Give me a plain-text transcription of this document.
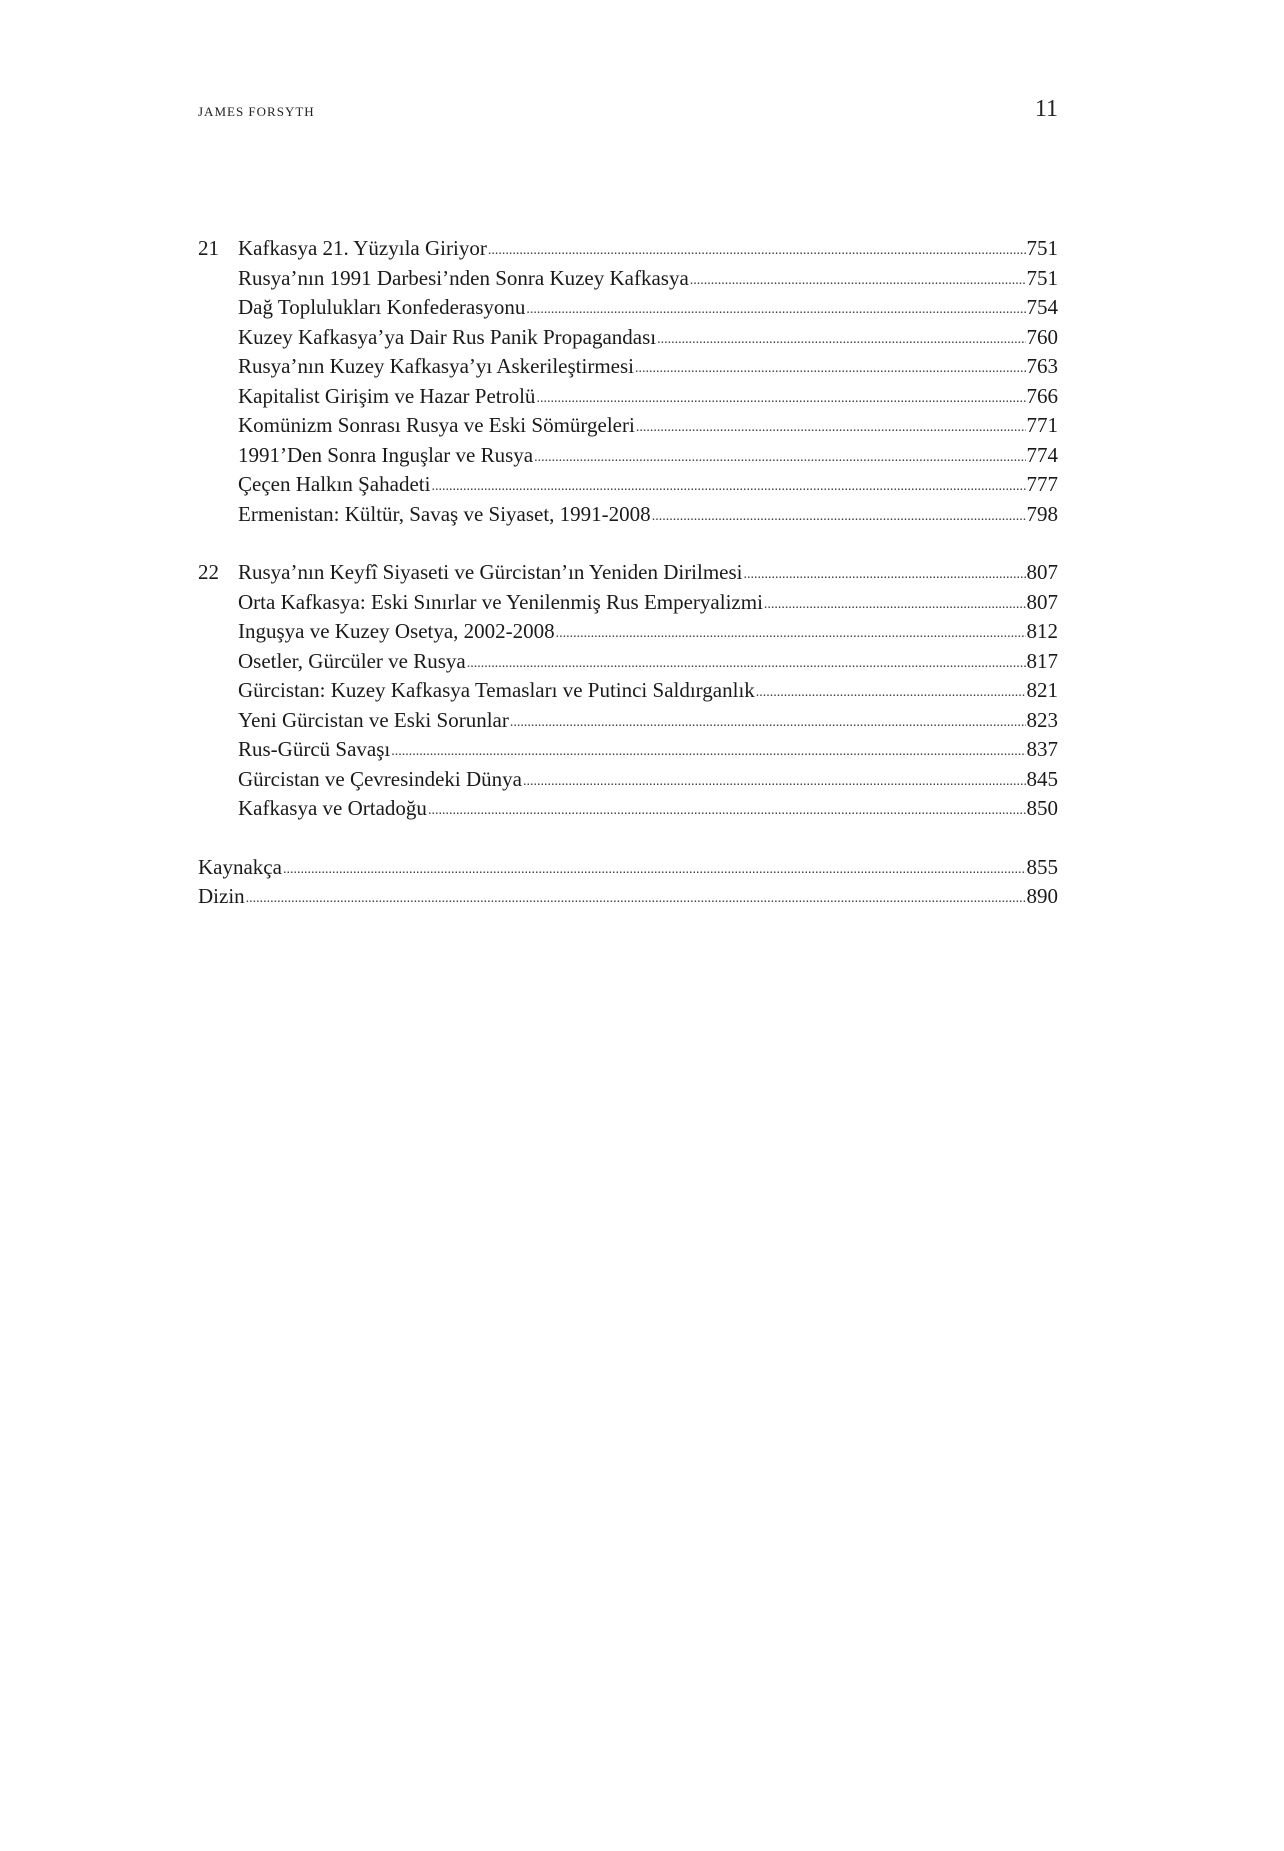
JAMES FORSYTH	11
21 Kafkasya 21. Yüzyıla Giriyor .....	751
Rusya’nın 1991 Darbesi’nden Sonra Kuzey Kafkasya .....	751
Dağ Toplulukları Konfederasyonu .....	754
Kuzey Kafkasya’ya Dair Rus Panik Propagandası .....	760
Rusya’nın Kuzey Kafkasya’yı Askerileştirmesi .....	763
Kapitalist Girişim ve Hazar Petrolü .....	766
Komünizm Sonrası Rusya ve Eski Sömürgeleri .....	771
1991’Den Sonra Inguşlar ve Rusya .....	774
Çeçen Halkın Şahadeti .....	777
Ermenistan: Kültür, Savaş ve Siyaset, 1991-2008 .....	798
22 Rusya’nın Keyfî Siyaseti ve Gürcistan’ın Yeniden Dirilmesi .....	807
Orta Kafkasya: Eski Sınırlar ve Yenilenmiş Rus Emperyalizmi .....	807
Inguşya ve Kuzey Osetya, 2002-2008 .....	812
Osetler, Gürcüler ve Rusya .....	817
Gürcistan: Kuzey Kafkasya Temasları ve Putinci Saldırganlık .....	821
Yeni Gürcistan ve Eski Sorunlar .....	823
Rus-Gürcü Savaşı .....	837
Gürcistan ve Çevresindeki Dünya .....	845
Kafkasya ve Ortadoğu .....	850
Kaynakça .....	855
Dizin .....	890
